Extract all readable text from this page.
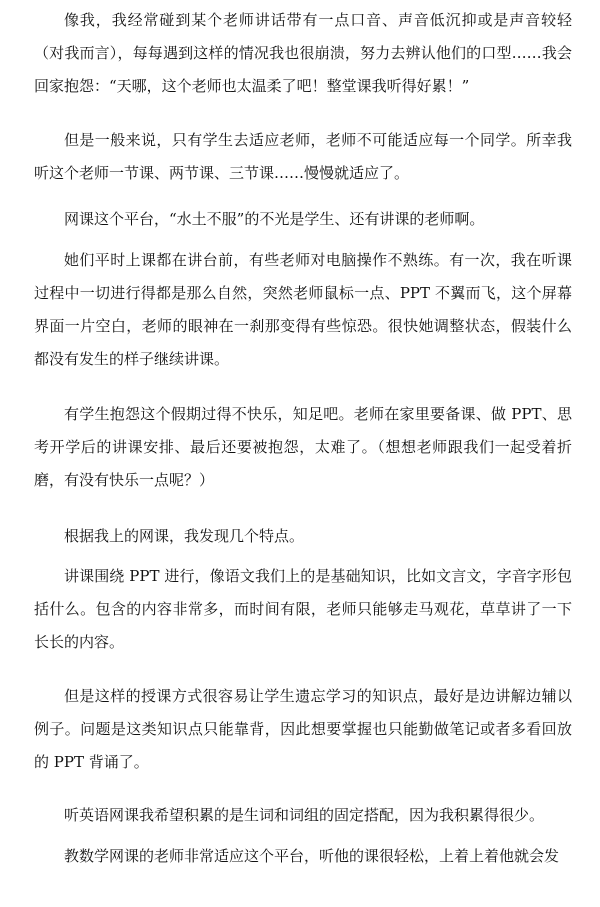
像我，我经常碰到某个老师讲话带有一点口音、声音低沉抑或是声音较轻（对我而言），每每遇到这样的情况我也很崩溃，努力去辨认他们的口型……我会回家抱怨：“天哪，这个老师也太温柔了吧！整堂课我听得好累！”

但是一般来说，只有学生去适应老师，老师不可能适应每一个同学。所幸我听这个老师一节课、两节课、三节课……慢慢就适应了。

网课这个平台，“水土不服”的不光是学生、还有讲课的老师啊。

她们平时上课都在讲台前，有些老师对电脑操作不熟练。有一次，我在听课过程中一切进行得都是那么自然，突然老师鼠标一点、PPT 不翼而飞，这个屏幕界面一片空白，老师的眼神在一刹那变得有些惊恐。很快她调整状态，假装什么都没有发生的样子继续讲课。

有学生抱怨这个假期过得不快乐，知足吧。老师在家里要备课、做 PPT、思考开学后的讲课安排、最后还要被抱怨，太难了。（想想老师跟我们一起受着折磨，有没有快乐一点呢？）

根据我上的网课，我发现几个特点。

讲课围绕 PPT 进行，像语文我们上的是基础知识，比如文言文，字音字形包括什么。包含的内容非常多，而时间有限，老师只能够走马观花，草草讲了一下长长的内容。

但是这样的授课方式很容易让学生遗忘学习的知识点，最好是边讲解边辅以例子。问题是这类知识点只能靠背，因此想要掌握也只能勤做笔记或者多看回放的 PPT 背诵了。

听英语网课我希望积累的是生词和词组的固定搭配，因为我积累得很少。

教数学网课的老师非常适应这个平台，听他的课很轻松，上着上着他就会发
